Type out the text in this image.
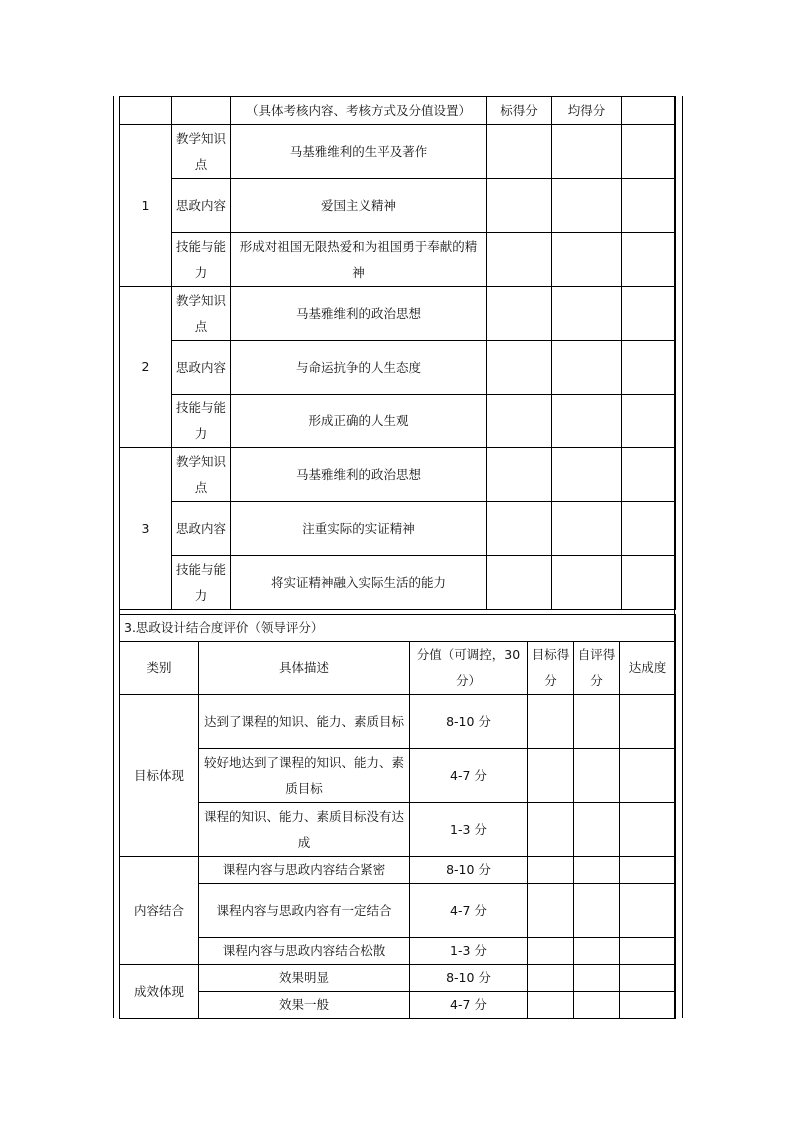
		（具体考核内容、考核方式及分值设置）	标得分	均得分	
1	教学知识点	马基雅维利的生平及著作			
	思政内容	爱国主义精神			
	技能与能力	形成对祖国无限热爱和为祖国勇于奉献的精神			
2	教学知识点	马基雅维利的政治思想			
	思政内容	与命运抗争的人生态度			
	技能与能力	形成正确的人生观			
3	教学知识点	马基雅维利的政治思想			
	思政内容	注重实际的实证精神			
	技能与能力	将实证精神融入实际生活的能力			
3.思政设计结合度评价（领导评分）					
类别	具体描述	分值（可调控，30 分）	目标得分	自评得分	达成度
目标体现	达到了课程的知识、能力、素质目标	8-10 分			
	较好地达到了课程的知识、能力、素质目标	4-7 分			
	课程的知识、能力、素质目标没有达成	1-3 分			
内容结合	课程内容与思政内容结合紧密	8-10 分			
	课程内容与思政内容有一定结合	4-7 分			
	课程内容与思政内容结合松散	1-3 分			
成效体现	效果明显	8-10 分			
	效果一般	4-7 分			
